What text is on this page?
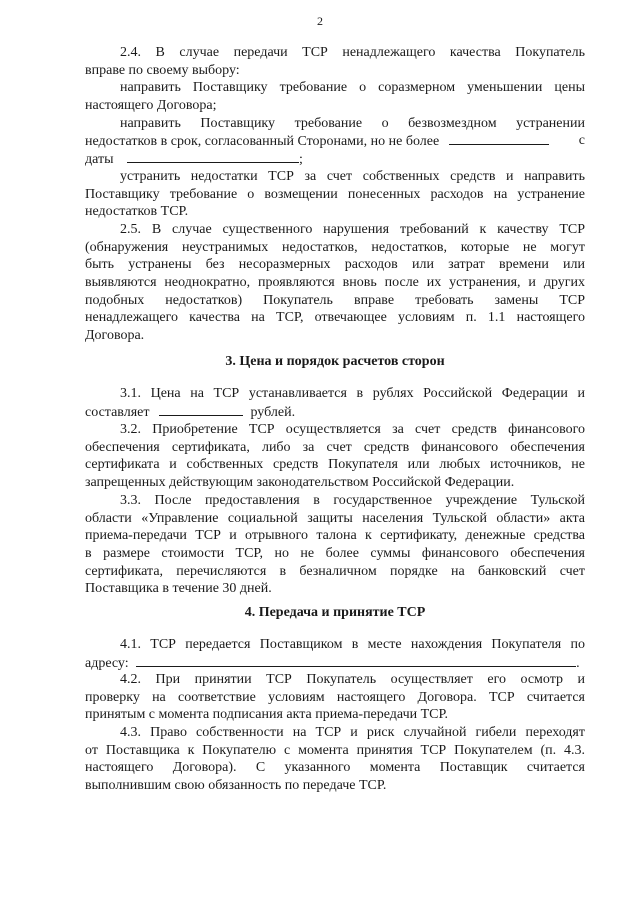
2
2.4. В случае передачи ТСР ненадлежащего качества Покупатель
вправе по своему выбору:
направить Поставщику требование о соразмерном уменьшении цены
настоящего Договора;
направить Поставщику требование о безвозмездном устранении
недостатков в срок, согласованный Сторонами, но не более	с
даты	;
устранить недостатки ТСР за счет собственных средств и направить
Поставщику требование о возмещении понесенных расходов на устранение
недостатков ТСР.
2.5. В случае существенного нарушения требований к качеству ТСР
(обнаружения неустранимых недостатков, недостатков, которые не могут
быть устранены без несоразмерных расходов или затрат времени или
выявляются неоднократно, проявляются вновь после их устранения, и других
подобных недостатков) Покупатель вправе требовать замены ТСР
ненадлежащего качества на ТСР, отвечающее условиям п. 1.1 настоящего
Договора.
3. Цена и порядок расчетов сторон
3.1. Цена на ТСР устанавливается в рублях Российской Федерации и
составляет	рублей.
3.2. Приобретение ТСР осуществляется за счет средств финансового
обеспечения сертификата, либо за счет средств финансового обеспечения
сертификата и собственных средств Покупателя или любых источников, не
запрещенных действующим законодательством Российской Федерации.
3.3. После предоставления в государственное учреждение Тульской
области «Управление социальной защиты населения Тульской области» акта
приема-передачи ТСР и отрывного талона к сертификату, денежные средства
в размере стоимости ТСР, но не более суммы финансового обеспечения
сертификата, перечисляются в безналичном порядке на банковский счет
Поставщика в течение 30 дней.
4. Передача и принятие ТСР
4.1. ТСР передается Поставщиком в месте нахождения Покупателя по
адресу:	.
4.2. При принятии ТСР Покупатель осуществляет его осмотр и
проверку на соответствие условиям настоящего Договора. ТСР считается
принятым с момента подписания акта приема-передачи ТСР.
4.3. Право собственности на ТСР и риск случайной гибели переходят
от Поставщика к Покупателю с момента принятия ТСР Покупателем (п. 4.3.
настоящего Договора). С указанного момента Поставщик считается
выполнившим свою обязанность по передаче ТСР.
